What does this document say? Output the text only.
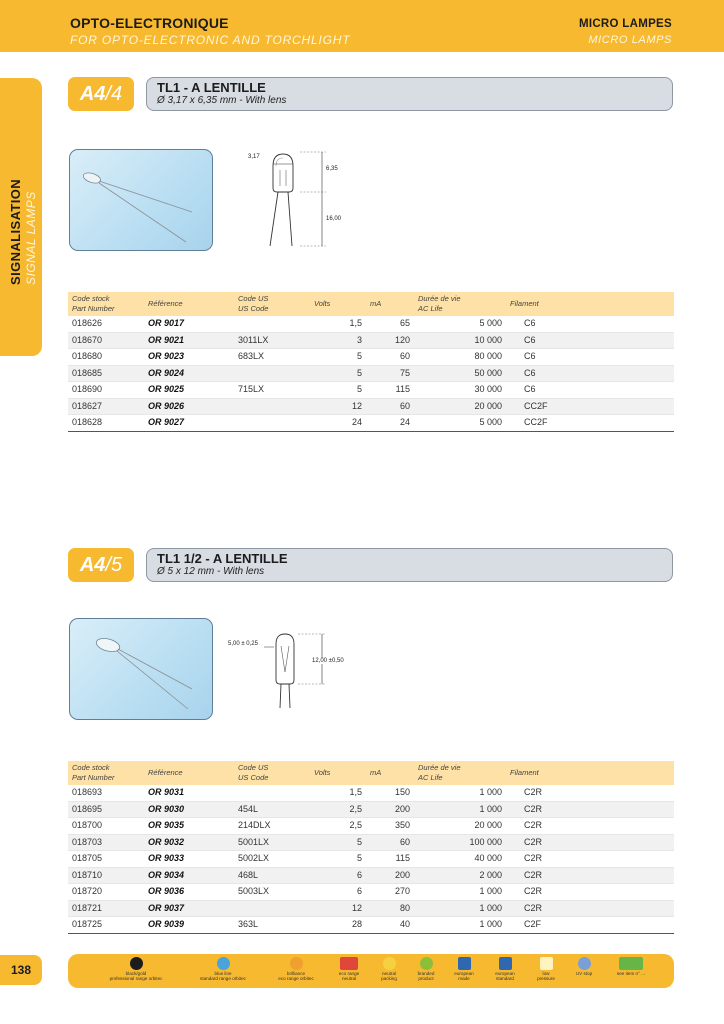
OPTO-ELECTRONIQUE
FOR OPTO-ELECTRONIC AND TORCHLIGHT
MICRO LAMPES
MICRO LAMPS
SIGNALISATION SIGNAL LAMPS
A4/4	TL1 - A LENTILLE
Ø 3,17 x 6,35 mm - With lens
3,17
6,35
16,00
Code stock
Part Number	Référence	Code US
US Code	Volts	mA	Durée de vie
AC Life	Filament
018626	OR 9017		1,5	65	5 000	C6
018670	OR 9021	3011LX	3	120	10 000	C6
018680	OR 9023	683LX	5	60	80 000	C6
018685	OR 9024		5	75	50 000	C6
018690	OR 9025	715LX	5	115	30 000	C6
018627	OR 9026		12	60	20 000	CC2F
018628	OR 9027		24	24	5 000	CC2F
A4/5	TL1 1/2 - A LENTILLE
Ø 5 x 12 mm - With lens
5,00 ± 0,25
12,00 ±0,50
Code stock
Part Number	Référence	Code US
US Code	Volts	mA	Durée de vie
AC Life	Filament
018693	OR 9031		1,5	150	1 000	C2R
018695	OR 9030	454L	2,5	200	1 000	C2R
018700	OR 9035	214DLX	2,5	350	20 000	C2R
018703	OR 9032	5001LX	5	60	100 000	C2R
018705	OR 9033	5002LX	5	115	40 000	C2R
018710	OR 9034	468L	6	200	2 000	C2R
018720	OR 9036	5003LX	6	270	1 000	C2R
018721	OR 9037		12	80	1 000	C2R
018725	OR 9039	363L	28	40	1 000	C2F
138	black/gold
professional range orbitec
blue line
standard range orbitec
brilliance
eco range orbitec
eco range
neutral
neutral
packing
branded
product
european
made
european
standard
low
pressure
UV stop	see item n° ...
